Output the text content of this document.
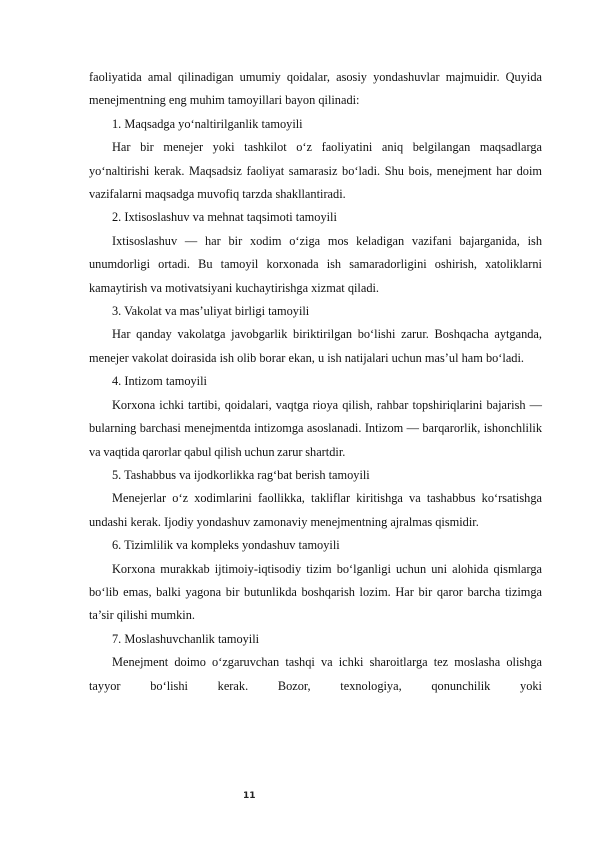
faoliyatida amal qilinadigan umumiy qoidalar, asosiy yondashuvlar majmuidir. Quyida menejmentning eng muhim tamoyillari bayon qilinadi:

1. Maqsadga yo‘naltirilganlik tamoyili

Har bir menejer yoki tashkilot o‘z faoliyatini aniq belgilangan maqsadlarga yo‘naltirishi kerak. Maqsadsiz faoliyat samarasiz bo‘ladi. Shu bois, menejment har doim vazifalarni maqsadga muvofiq tarzda shakllantiradi.

2. Ixtisoslashuv va mehnat taqsimoti tamoyili

Ixtisoslashuv — har bir xodim o‘ziga mos keladigan vazifani bajarganida, ish unumdorligi ortadi. Bu tamoyil korxonada ish samaradorligini oshirish, xatoliklarni kamaytirish va motivatsiyani kuchaytirishga xizmat qiladi.

3. Vakolat va mas’uliyat birligi tamoyili

Har qanday vakolatga javobgarlik biriktirilgan bo‘lishi zarur. Boshqacha aytganda, menejer vakolat doirasida ish olib borar ekan, u ish natijalari uchun mas’ul ham bo‘ladi.

4. Intizom tamoyili

Korxona ichki tartibi, qoidalari, vaqtga rioya qilish, rahbar topshiriqlarini bajarish — bularning barchasi menejmentda intizomga asoslanadi. Intizom — barqarorlik, ishonchlilik va vaqtida qarorlar qabul qilish uchun zarur shartdir.

5. Tashabbus va ijodkorlikka rag‘bat berish tamoyili

Menejerlar o‘z xodimlarini faollikka, takliflar kiritishga va tashabbus ko‘rsatishga undashi kerak. Ijodiy yondashuv zamonaviy menejmentning ajralmas qismidir.

6. Tizimlilik va kompleks yondashuv tamoyili

Korxona murakkab ijtimoiy-iqtisodiy tizim bo‘lganligi uchun uni alohida qismlarga bo‘lib emas, balki yagona bir butunlikda boshqarish lozim. Har bir qaror barcha tizimga ta’sir qilishi mumkin.

7. Moslashuvchanlik tamoyili

Menejment doimo o‘zgaruvchan tashqi va ichki sharoitlarga tez moslasha olishga tayyor bo‘lishi kerak. Bozor, texnologiya, qonunchilik yoki

11
